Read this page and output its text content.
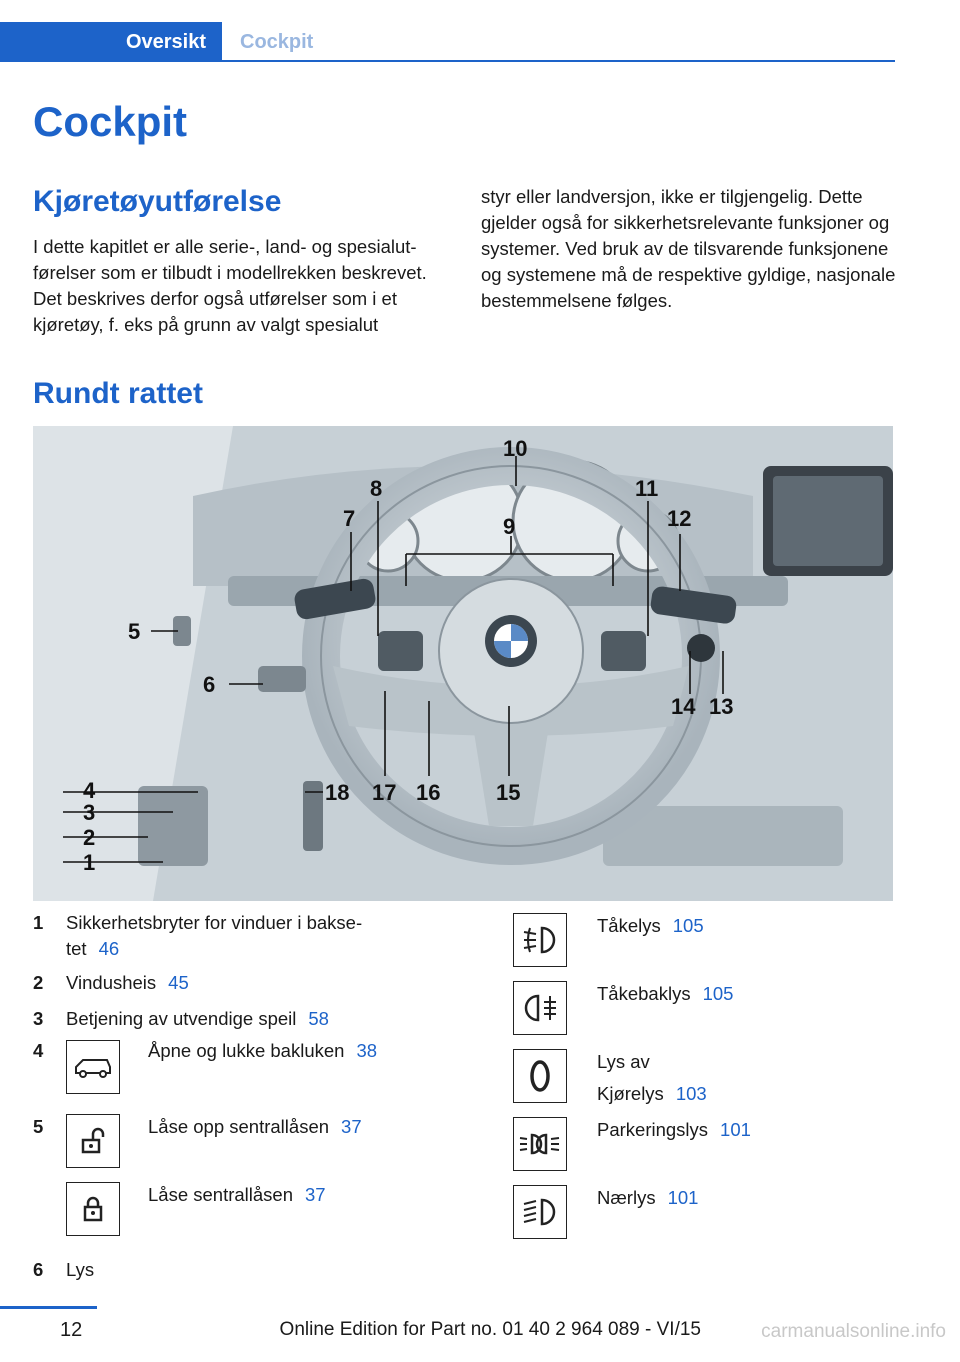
Oversikt	Cockpit
Cockpit
Kjøretøyutførelse

I dette kapitlet er alle serie-, land- og spesialutførelser som er tilbudt i modellrekken beskrevet. Det beskrives derfor også utførelser som i et kjøretøy, f. eks på grunn av valgt spesialut

styr eller landversjon, ikke er tilgjengelig. Dette gjelder også for sikkerhetsrelevante funksjoner og systemer. Ved bruk av de tilsvarende funksjonene og systemene må de respektive gyldige, nasjonale bestemmelsene følges.

Rundt rattet
1
2
3
4
5
6
7
8
9
10
11
12
13
14
15
16
17
18
1 Sikkerhetsbryter for vinduer i baksetet 46
2 Vindusheis 45
3 Betjening av utvendige speil 58
4	Åpne og lukke bakluken 38
5	Låse opp sentrallåsen 37
Låse sentrallåsen 37
6 Lys
Tåkelys 105
Tåkebaklys 105
Lys av
Kjørelys 103
Parkeringslys 101
Nærlys 101
12	Online Edition for Part no. 01 40 2 964 089 - VI/15	carmanualsonline.info
